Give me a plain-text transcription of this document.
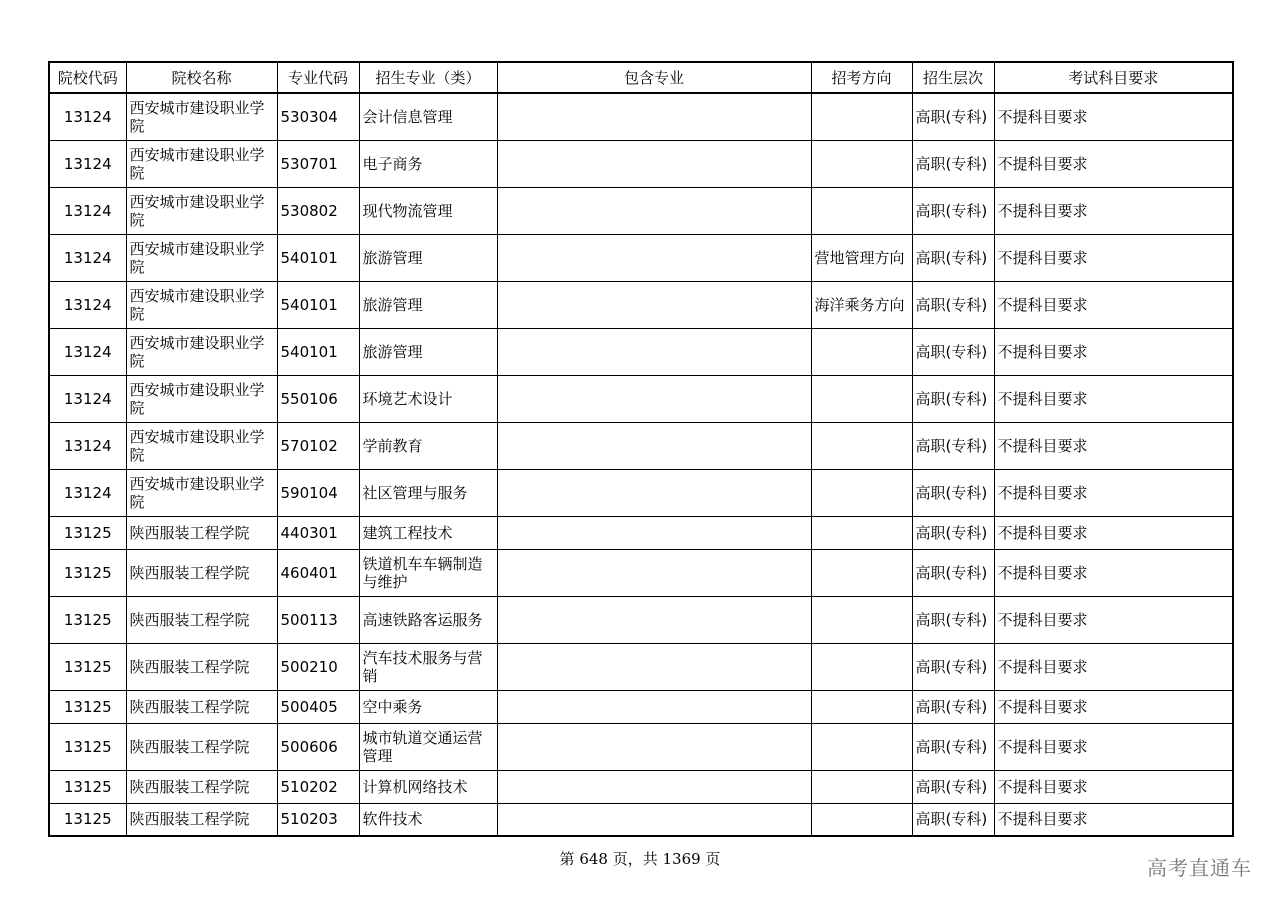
院校代码	院校名称	专业代码	招生专业（类）	包含专业	招考方向	招生层次	考试科目要求
13124	西安城市建设职业学院	530304	会计信息管理			高职(专科)	不提科目要求
13124	西安城市建设职业学院	530701	电子商务			高职(专科)	不提科目要求
13124	西安城市建设职业学院	530802	现代物流管理			高职(专科)	不提科目要求
13124	西安城市建设职业学院	540101	旅游管理		营地管理方向	高职(专科)	不提科目要求
13124	西安城市建设职业学院	540101	旅游管理		海洋乘务方向	高职(专科)	不提科目要求
13124	西安城市建设职业学院	540101	旅游管理			高职(专科)	不提科目要求
13124	西安城市建设职业学院	550106	环境艺术设计			高职(专科)	不提科目要求
13124	西安城市建设职业学院	570102	学前教育			高职(专科)	不提科目要求
13124	西安城市建设职业学院	590104	社区管理与服务			高职(专科)	不提科目要求
13125	陕西服装工程学院	440301	建筑工程技术			高职(专科)	不提科目要求
13125	陕西服装工程学院	460401	铁道机车车辆制造与维护			高职(专科)	不提科目要求
13125	陕西服装工程学院	500113	高速铁路客运服务			高职(专科)	不提科目要求
13125	陕西服装工程学院	500210	汽车技术服务与营销			高职(专科)	不提科目要求
13125	陕西服装工程学院	500405	空中乘务			高职(专科)	不提科目要求
13125	陕西服装工程学院	500606	城市轨道交通运营管理			高职(专科)	不提科目要求
13125	陕西服装工程学院	510202	计算机网络技术			高职(专科)	不提科目要求
13125	陕西服装工程学院	510203	软件技术			高职(专科)	不提科目要求
第 648 页，共 1369 页	高考直通车
